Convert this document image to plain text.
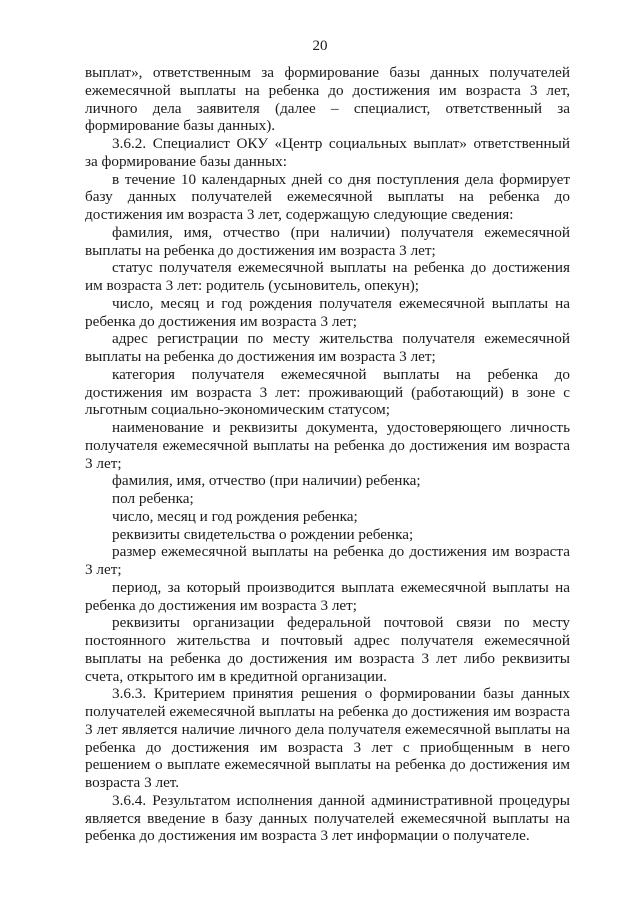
20

выплат», ответственным за формирование базы данных получателей ежемесячной выплаты на ребенка до достижения им возраста 3 лет, личного дела заявителя (далее – специалист, ответственный за формирование базы данных).

3.6.2. Специалист ОКУ «Центр социальных выплат» ответственный за формирование базы данных:

в течение 10 календарных дней со дня поступления дела формирует базу данных получателей ежемесячной выплаты на ребенка до достижения им возраста 3 лет, содержащую следующие сведения:

фамилия, имя, отчество (при наличии) получателя ежемесячной выплаты на ребенка до достижения им возраста 3 лет;

статус получателя ежемесячной выплаты на ребенка до достижения им возраста 3 лет: родитель (усыновитель, опекун);

число, месяц и год рождения получателя ежемесячной выплаты на ребенка до достижения им возраста 3 лет;

адрес регистрации по месту жительства получателя ежемесячной выплаты на ребенка до достижения им возраста 3 лет;

категория получателя ежемесячной выплаты на ребенка до достижения им возраста 3 лет: проживающий (работающий) в зоне с льготным социально-экономическим статусом;

наименование и реквизиты документа, удостоверяющего личность получателя ежемесячной выплаты на ребенка до достижения им возраста 3 лет;

фамилия, имя, отчество (при наличии) ребенка;

пол ребенка;

число, месяц и год рождения ребенка;

реквизиты свидетельства о рождении ребенка;

размер ежемесячной выплаты на ребенка до достижения им возраста 3 лет;

период, за который производится выплата ежемесячной выплаты на ребенка до достижения им возраста 3 лет;

реквизиты организации федеральной почтовой связи по месту постоянного жительства и почтовый адрес получателя ежемесячной выплаты на ребенка до достижения им возраста 3 лет либо реквизиты счета, открытого им в кредитной организации.

3.6.3. Критерием принятия решения о формировании базы данных получателей ежемесячной выплаты на ребенка до достижения им возраста 3 лет является наличие личного дела получателя ежемесячной выплаты на ребенка до достижения им возраста 3 лет с приобщенным в него решением о выплате ежемесячной выплаты на ребенка до достижения им возраста 3 лет.

3.6.4. Результатом исполнения данной административной процедуры является введение в базу данных получателей ежемесячной выплаты на ребенка до достижения им возраста 3 лет информации о получателе.
